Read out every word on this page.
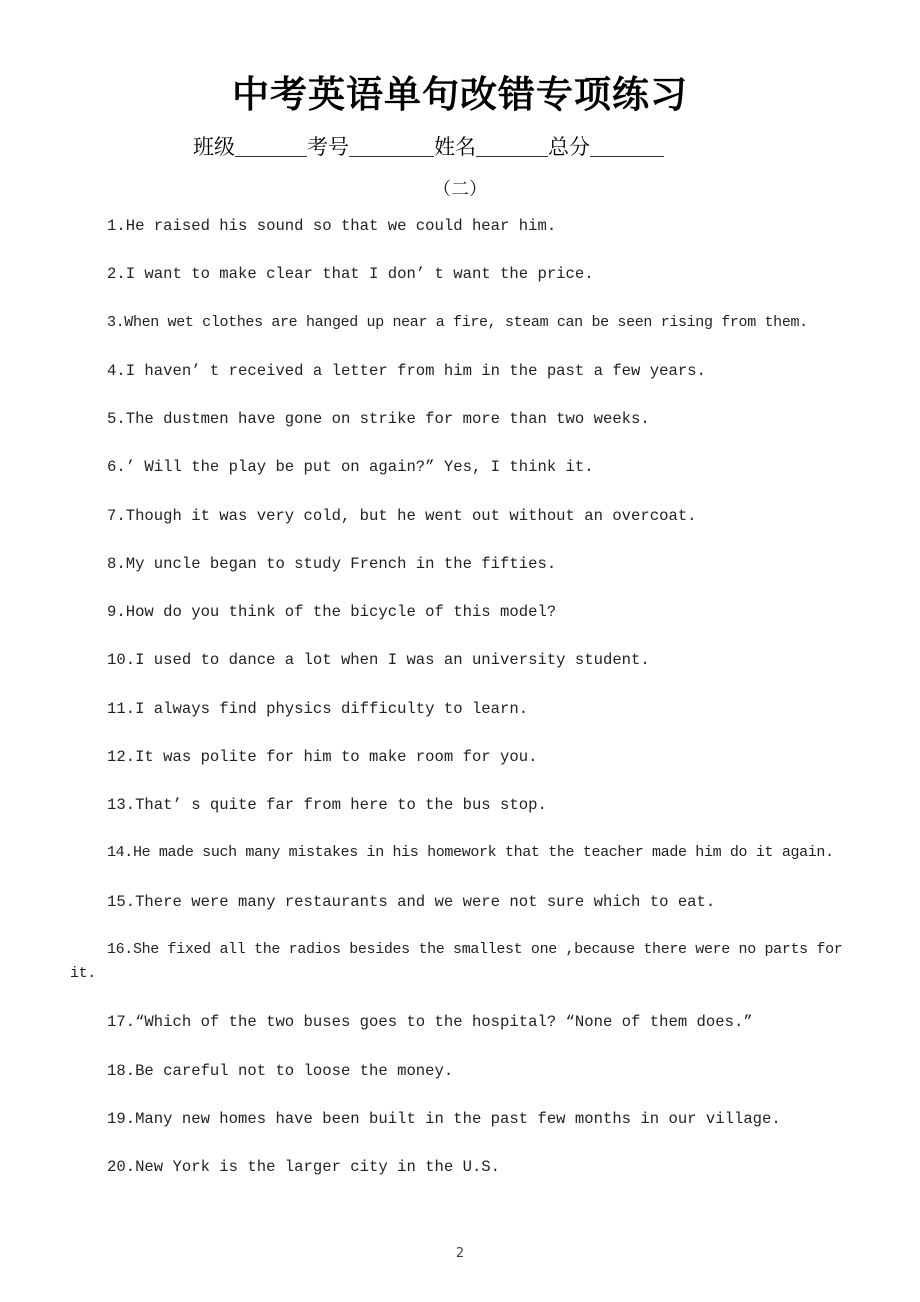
中考英语单句改错专项练习
班级	考号	姓名	总分
（二）
1.He raised his sound so that we could hear him.
2.I want to make clear that I don’ t want the price.
3.When wet clothes are hanged up near a fire, steam can be seen rising from them.
4.I haven’ t received a letter from him in the past a few years.
5.The dustmen have gone on strike for more than two weeks.
6.’ Will the play be put on again?” Yes, I think it.
7.Though it was very cold, but he went out without an overcoat.
8.My uncle began to study French in the fifties.
9.How do you think of the bicycle of this model?
10.I used to dance a lot when I was an university student.
11.I always find physics difficulty to learn.
12.It was polite for him to make room for you.
13.That’ s quite far from here to the bus stop.
14.He made such many mistakes in his homework that the teacher made him do it again.
15.There were many restaurants and we were not sure which to eat.
16.She fixed all the radios besides the smallest one ,because there were no parts for it.
17.“Which of the two buses goes to the hospital? “None of them does.”
18.Be careful not to loose the money.
19.Many new homes have been built in the past few months in our village.
20.New York is the larger city in the U.S.
2
